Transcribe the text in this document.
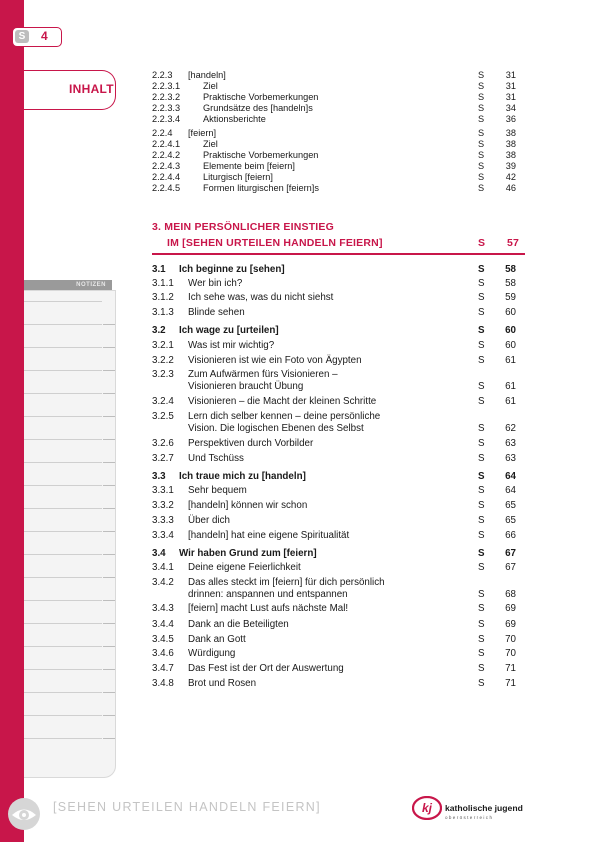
S	4
INHALT
NOTIZEN
2.2.3 [handeln]	S 31
2.2.3.1 Ziel	S 31
2.2.3.2 Praktische Vorbemerkungen	S 31
2.2.3.3 Grundsätze des [handeln]s	S 34
2.2.3.4 Aktionsberichte	S 36
2.2.4 [feiern]	S 38
2.2.4.1 Ziel	S 38
2.2.4.2 Praktische Vorbemerkungen	S 38
2.2.4.3 Elemente beim [feiern]	S 39
2.2.4.4 Liturgisch [feiern]	S 42
2.2.4.5 Formen liturgischen [feiern]s	S 46
3.1 Ich beginne zu [sehen]	S 58
3.1.1 Wer bin ich?	S 58
3.1.2 Ich sehe was, was du nicht siehst	S 59
3.1.3 Blinde sehen	S 60
3.2 Ich wage zu [urteilen]	S 60
3.2.1 Was ist mir wichtig?	S 60
3.2.2 Visionieren ist wie ein Foto von Ägypten	S 61
3.2.3 Zum Aufwärmen fürs Visionieren –
Visionieren braucht Übung	S 61
3.2.4 Visionieren – die Macht der kleinen Schritte	S 61
3.2.5 Lern dich selber kennen – deine persönliche
Vision. Die logischen Ebenen des Selbst	S 62
3.2.6 Perspektiven durch Vorbilder	S 63
3.2.7 Und Tschüss	S 63
3.3 Ich traue mich zu [handeln]	S 64
3.3.1 Sehr bequem	S 64
3.3.2 [handeln] können wir schon	S 65
3.3.3 Über dich	S 65
3.3.4 [handeln] hat eine eigene Spiritualität	S 66
3.4 Wir haben Grund zum [feiern]	S 67
3.4.1 Deine eigene Feierlichkeit	S 67
3.4.2 Das alles steckt im [feiern] für dich persönlich
drinnen: anspannen und entspannen	S 68
3.4.3 [feiern] macht Lust aufs nächste Mal!	S 69
3.4.4 Dank an die Beteiligten	S 69
3.4.5 Dank an Gott	S 70
3.4.6 Würdigung	S 70
3.4.7 Das Fest ist der Ort der Auswertung	S 71
3.4.8 Brot und Rosen	S 71
3. MEIN PERSÖNLICHER EINSTIEG
IM [SEHEN URTEILEN HANDELN FEIERN]	S 57
[SEHEN URTEILEN HANDELN FEIERN]	kj katholische jugend
oberösterreich
